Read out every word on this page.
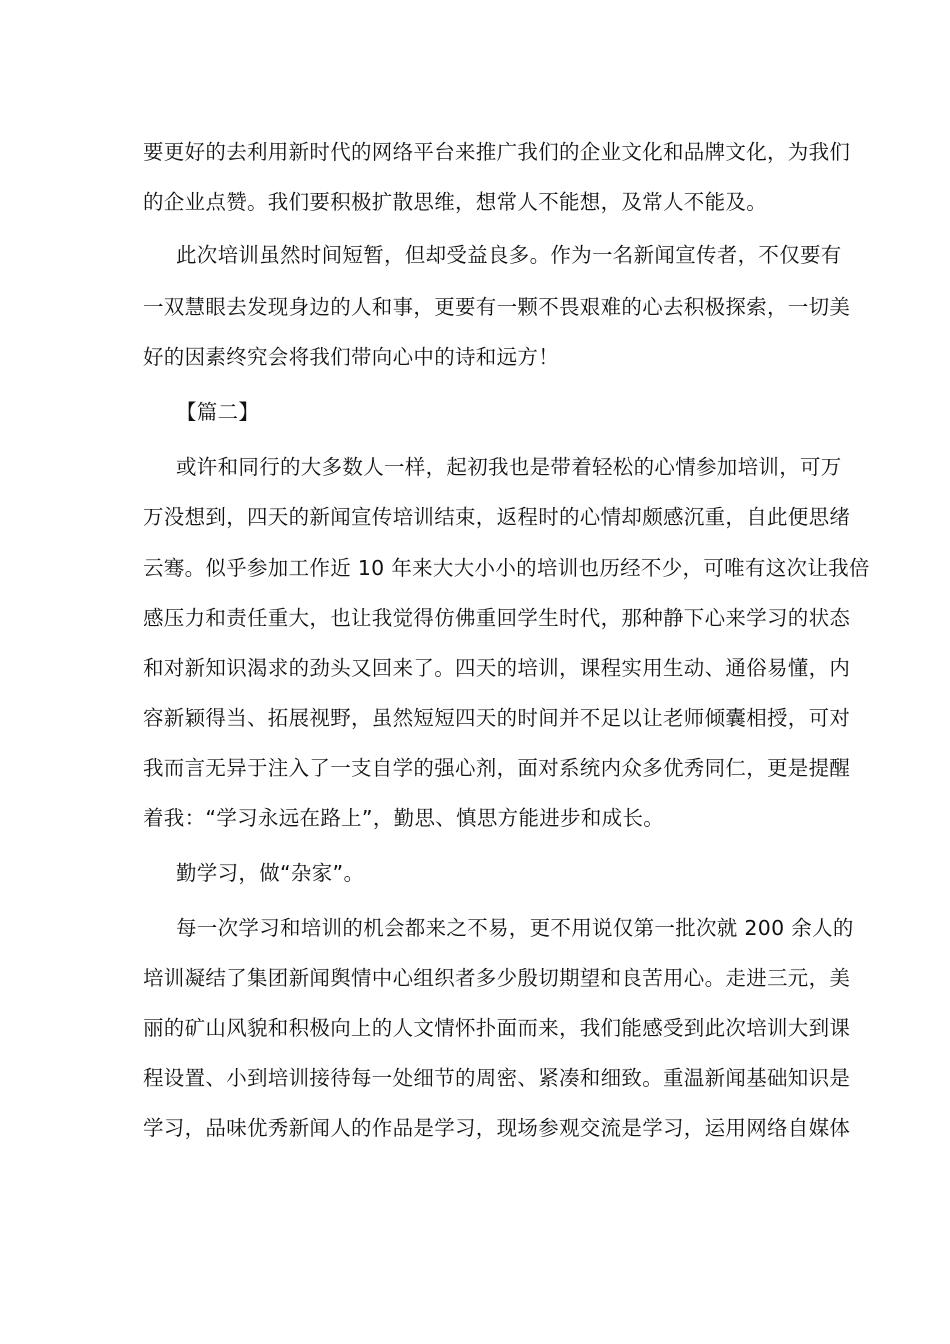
要更好的去利用新时代的网络平台来推广我们的企业文化和品牌文化，为我们
的企业点赞。我们要积极扩散思维，想常人不能想，及常人不能及。
此次培训虽然时间短暂，但却受益良多。作为一名新闻宣传者，不仅要有
一双慧眼去发现身边的人和事，更要有一颗不畏艰难的心去积极探索，一切美
好的因素终究会将我们带向心中的诗和远方！
【篇二】
或许和同行的大多数人一样，起初我也是带着轻松的心情参加培训，可万
万没想到，四天的新闻宣传培训结束，返程时的心情却颇感沉重，自此便思绪
云骞。似乎参加工作近 10 年来大大小小的培训也历经不少，可唯有这次让我倍
感压力和责任重大，也让我觉得仿佛重回学生时代，那种静下心来学习的状态
和对新知识渴求的劲头又回来了。四天的培训，课程实用生动、通俗易懂，内
容新颖得当、拓展视野，虽然短短四天的时间并不足以让老师倾囊相授，可对
我而言无异于注入了一支自学的强心剂，面对系统内众多优秀同仁，更是提醒
着我：“学习永远在路上”，勤思、慎思方能进步和成长。
勤学习，做“杂家”。
每一次学习和培训的机会都来之不易，更不用说仅第一批次就 200 余人的
培训凝结了集团新闻舆情中心组织者多少殷切期望和良苦用心。走进三元，美
丽的矿山风貌和积极向上的人文情怀扑面而来，我们能感受到此次培训大到课
程设置、小到培训接待每一处细节的周密、紧凑和细致。重温新闻基础知识是
学习，品味优秀新闻人的作品是学习，现场参观交流是学习，运用网络自媒体
